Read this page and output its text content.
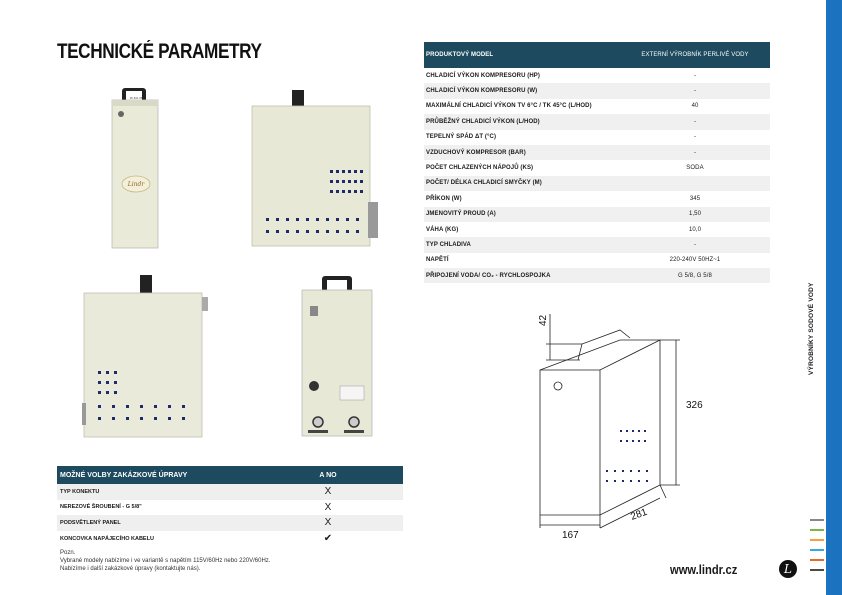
TECHNICKÉ PARAMETRY
Lindr
M.I.B.R. 65
PRODUKTOVÝ MODEL	EXTERNÍ VÝROBNÍK PERLIVÉ VODY
CHLADICÍ VÝKON KOMPRESORU (HP)	-
CHLADICÍ VÝKON KOMPRESORU (W)	-
MAXIMÁLNÍ CHLADICÍ VÝKON TV 6°C / TK 45°C (L/HOD)	40
PRŮBĚŽNÝ CHLADICÍ VÝKON (L/HOD)	-
TEPELNÝ SPÁD ΔT (°C)	-
VZDUCHOVÝ KOMPRESOR (BAR)	-
POČET CHLAZENÝCH NÁPOJŮ (KS)	SODA
POČET/ DÉLKA CHLADICÍ SMYČKY (M)	
PŘÍKON (W)	345
JMENOVITÝ PROUD (A)	1,50
VÁHA (KG)	10,0
TYP CHLADIVA	-
NAPĚTÍ	220-240V 50HZ~1
PŘIPOJENÍ VODA/ CO₂ - RYCHLOSPOJKA	G 5/8, G 5/8
42
326
167
281
MOŽNÉ VOLBY ZAKÁZKOVÉ ÚPRAVY	A NO
TYP KONEKTU	X
NEREZOVÉ ŠROUBENÍ - G 5/8"	X
PODSVĚTLENÝ PANEL	X
KONCOVKA NAPÁJECÍHO KABELU	✔
Pozn.
Vybrané modely nabízíme i ve variantě s napětím 115V/60Hz nebo 220V/60Hz.
Nabízíme i další zakázkové úpravy (kontaktujte nás).
VÝROBNÍKY SODOVÉ VODY
www.lindr.cz	L
